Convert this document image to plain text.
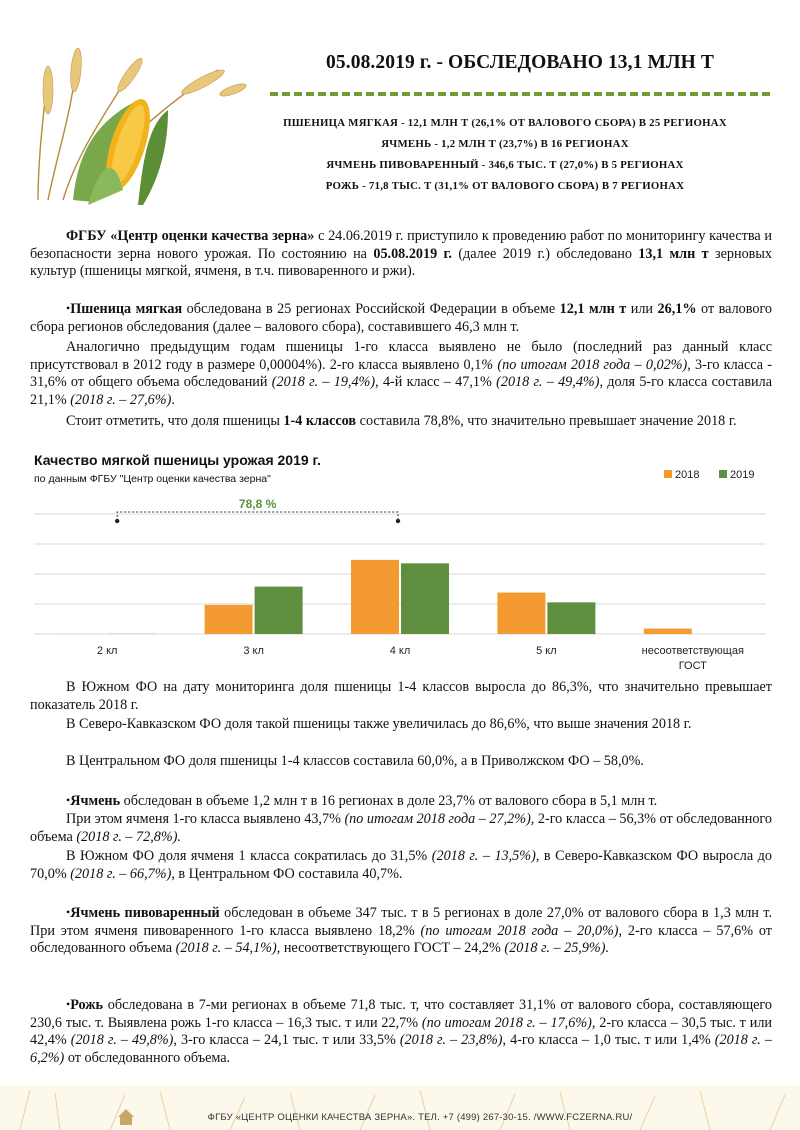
05.08.2019 г. - ОБСЛЕДОВАНО 13,1 МЛН Т
ПШЕНИЦА МЯГКАЯ - 12,1 МЛН Т (26,1% ОТ ВАЛОВОГО СБОРА) В 25 РЕГИОНАХ
ЯЧМЕНЬ - 1,2 МЛН Т (23,7%) В 16 РЕГИОНАХ
ЯЧМЕНЬ ПИВОВАРЕННЫЙ - 346,6 ТЫС. Т (27,0%) В 5 РЕГИОНАХ
РОЖЬ - 71,8 ТЫС. Т (31,1% ОТ ВАЛОВОГО СБОРА) В 7 РЕГИОНАХ
ФГБУ «Центр оценки качества зерна» с 24.06.2019 г. приступило к проведению работ по мониторингу качества и безопасности зерна нового урожая. По состоянию на 05.08.2019 г. (далее 2019 г.) обследовано 13,1 млн т зерновых культур (пшеницы мягкой, ячменя, в т.ч. пивоваренного и ржи).
•Пшеница мягкая обследована в 25 регионах Российской Федерации в объеме 12,1 млн т или 26,1% от валового сбора регионов обследования (далее – валового сбора), составившего 46,3 млн т.
Аналогично предыдущим годам пшеницы 1-го класса выявлено не было (последний раз данный класс присутствовал в 2012 году в размере 0,00004%). 2-го класса выявлено 0,1% (по итогам 2018 года – 0,02%), 3-го класса - 31,6% от общего объема обследований (2018 г. – 19,4%), 4-й класс – 47,1% (2018 г. – 49,4%), доля 5-го класса составила 21,1% (2018 г. – 27,6%).
Стоит отметить, что доля пшеницы 1-4 классов составила 78,8%, что значительно превышает значение 2018 г.
2 кл	3 кл	4 кл	5 кл	несоответствующая
ГОСТ
2018	2019
78,8 %
Качество мягкой пшеницы урожая 2019 г.
по данным ФГБУ "Центр оценки качества зерна"
В Южном ФО на дату мониторинга доля пшеницы 1-4 классов выросла до 86,3%, что значительно превышает показатель 2018 г.
В Северо-Кавказском ФО доля такой пшеницы также увеличилась до 86,6%, что выше значения 2018 г.
В Центральном ФО доля пшеницы 1-4 классов составила 60,0%, а в Приволжском ФО – 58,0%.
•Ячмень обследован в объеме 1,2 млн т в 16 регионах в доле 23,7% от валового сбора в 5,1 млн т.
При этом ячменя 1-го класса выявлено 43,7% (по итогам 2018 года – 27,2%), 2-го класса – 56,3% от обследованного объема (2018 г. – 72,8%).
В Южном ФО доля ячменя 1 класса сократилась до 31,5% (2018 г. – 13,5%), в Северо-Кавказском ФО выросла до 70,0% (2018 г. – 66,7%), в Центральном ФО составила 40,7%.
•Ячмень пивоваренный обследован в объеме 347 тыс. т в 5 регионах в доле 27,0% от валового сбора в 1,3 млн т. При этом ячменя пивоваренного 1-го класса выявлено 18,2% (по итогам 2018 года – 20,0%), 2-го класса – 57,6% от обследованного объема (2018 г. – 54,1%), несоответствующего ГОСТ – 24,2% (2018 г. – 25,9%).
•Рожь обследована в 7-ми регионах в объеме 71,8 тыс. т, что составляет 31,1% от валового сбора, составляющего 230,6 тыс. т. Выявлена рожь 1-го класса – 16,3 тыс. т или 22,7% (по итогам 2018 г. – 17,6%), 2-го класса – 30,5 тыс. т или 42,4% (2018 г. – 49,8%), 3-го класса – 24,1 тыс. т или 33,5% (2018 г. – 23,8%), 4-го класса – 1,0 тыс. т или 1,4% (2018 г. – 6,2%) от обследованного объема.
ФГБУ «ЦЕНТР ОЦЕНКИ КАЧЕСТВА ЗЕРНА». ТЕЛ. +7 (499) 267-30-15. /WWW.FCZERNA.RU/
